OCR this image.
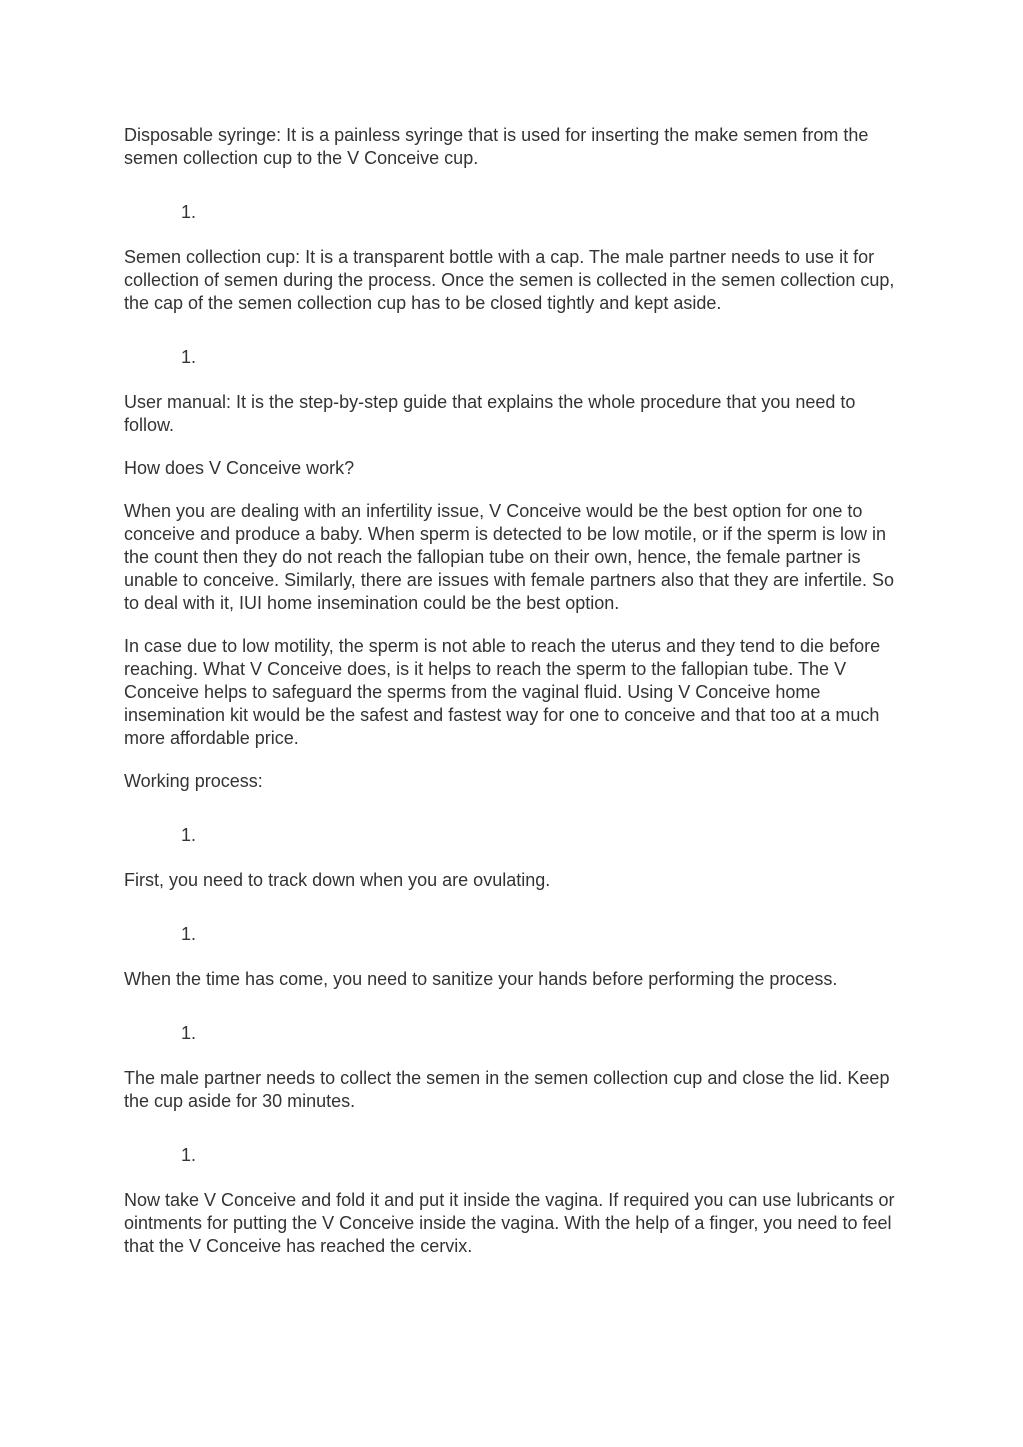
Disposable syringe: It is a painless syringe that is used for inserting the make semen from the semen collection cup to the V Conceive cup.

1.

Semen collection cup: It is a transparent bottle with a cap. The male partner needs to use it for collection of semen during the process. Once the semen is collected in the semen collection cup, the cap of the semen collection cup has to be closed tightly and kept aside.

1.

User manual: It is the step-by-step guide that explains the whole procedure that you need to follow.

How does V Conceive work?

When you are dealing with an infertility issue, V Conceive would be the best option for one to conceive and produce a baby. When sperm is detected to be low motile, or if the sperm is low in the count then they do not reach the fallopian tube on their own, hence, the female partner is unable to conceive. Similarly, there are issues with female partners also that they are infertile. So to deal with it, IUI home insemination could be the best option.

In case due to low motility, the sperm is not able to reach the uterus and they tend to die before reaching. What V Conceive does, is it helps to reach the sperm to the fallopian tube. The V Conceive helps to safeguard the sperms from the vaginal fluid. Using V Conceive home insemination kit would be the safest and fastest way for one to conceive and that too at a much more affordable price.

Working process:

1.

First, you need to track down when you are ovulating.

1.

When the time has come, you need to sanitize your hands before performing the process.

1.

The male partner needs to collect the semen in the semen collection cup and close the lid. Keep the cup aside for 30 minutes.

1.

Now take V Conceive and fold it and put it inside the vagina. If required you can use lubricants or ointments for putting the V Conceive inside the vagina. With the help of a finger, you need to feel that the V Conceive has reached the cervix.
